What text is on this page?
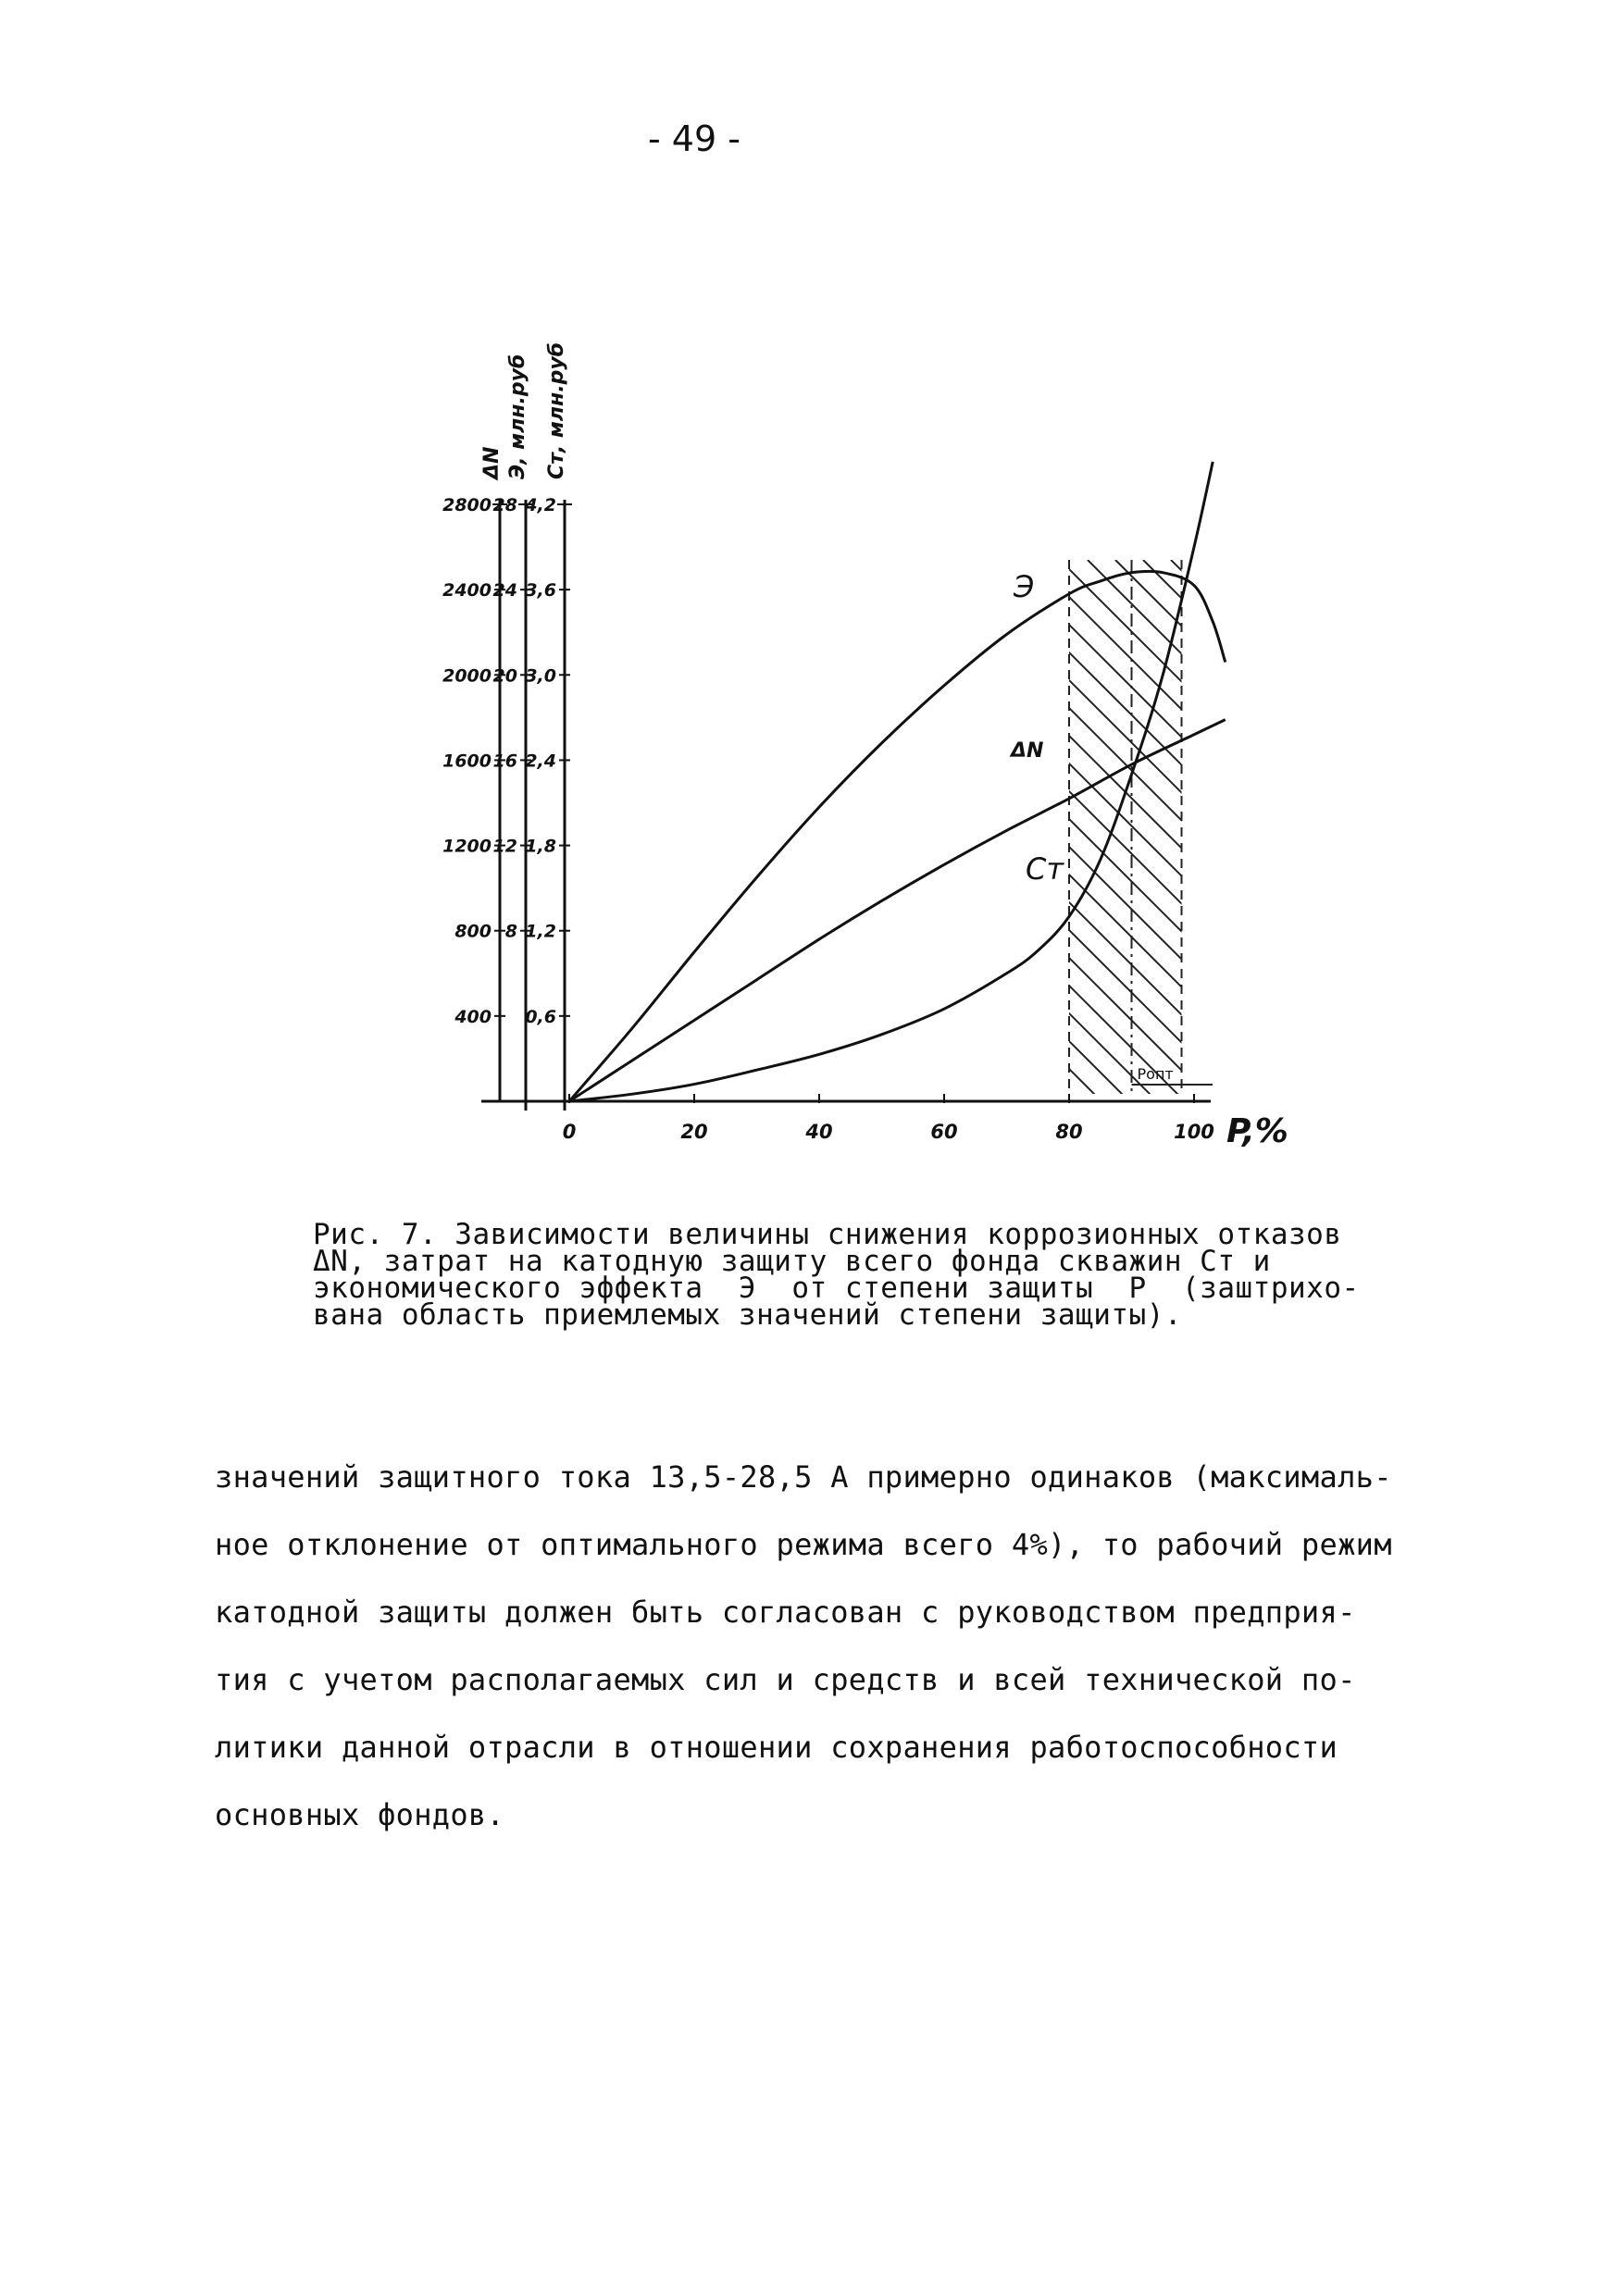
- 49 -
Pопт
400
800
1200
1600
2000
2400
2800
ΔN
8
12
16
20
24
28
Э, млн.руб
0,6
1,2
1,8
2,4
3,0
3,6
4,2
Cт, млн.руб
0	20	40	60	80	100 P,%
Э
ΔN
Cт
Рис. 7. Зависимости величины снижения коррозионных отказов
ΔN, затрат на катодную защиту всего фонда скважин Cт и
экономического эффекта  Э  от степени защиты  P  (заштрихо-
вана область приемлемых значений степени защиты).
значений защитного тока 13,5-28,5 А примерно одинаков (максималь-
ное отклонение от оптимального режима всего 4%), то рабочий режим
катодной защиты должен быть согласован с руководством предприя-
тия с учетом располагаемых сил и средств и всей технической по-
литики данной отрасли в отношении сохранения работоспособности
основных фондов.
